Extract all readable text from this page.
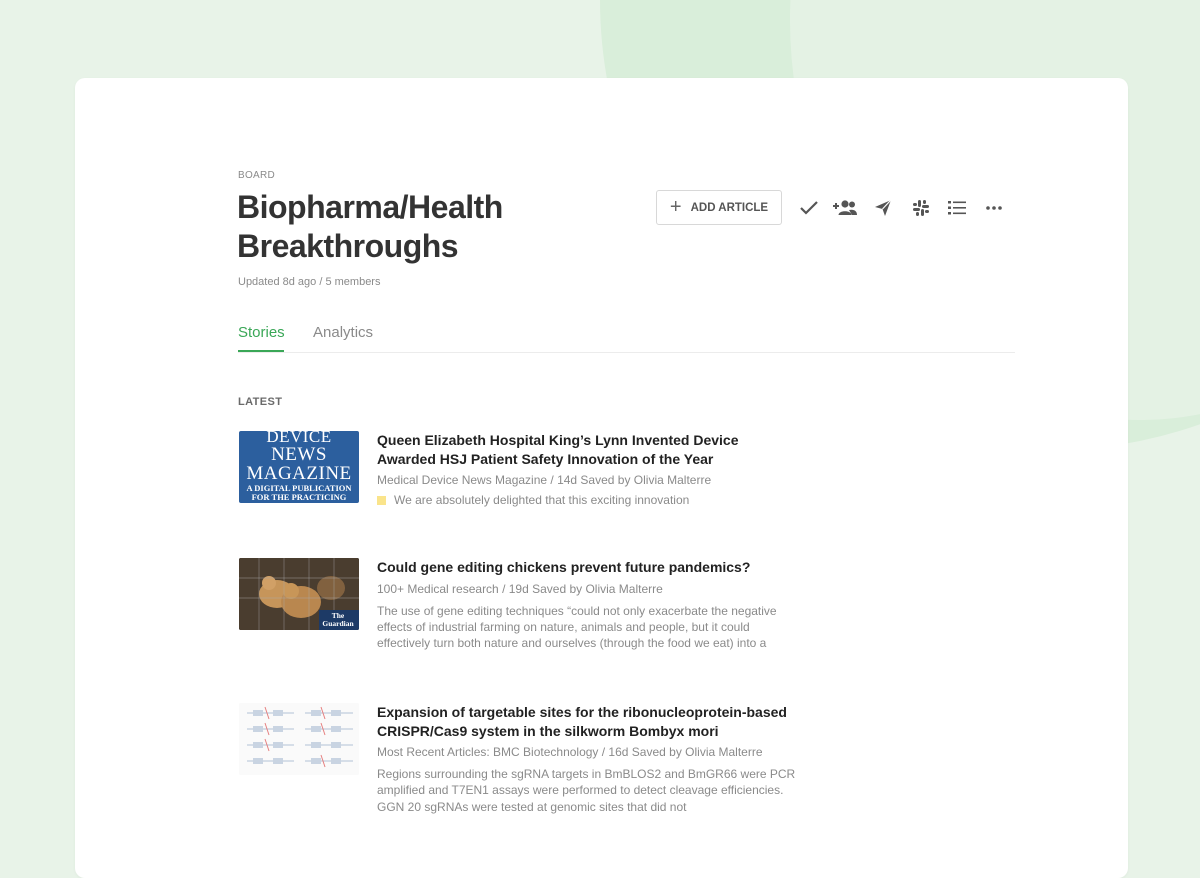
BOARD
Biopharma/Health Breakthroughs
Updated 8d ago / 5 members
+ ADD ARTICLE
Stories Analytics
LATEST
DEVICE
NEWS
MAGAZINE
A DIGITAL PUBLICATION
FOR THE PRACTICING
Queen Elizabeth Hospital King’s Lynn Invented Device Awarded HSJ Patient Safety Innovation of the Year
Medical Device News Magazine / 14d Saved by Olivia Malterre
We are absolutely delighted that this exciting innovation
The Guardian
Could gene editing chickens prevent future pandemics?
100+ Medical research / 19d Saved by Olivia Malterre
The use of gene editing techniques “could not only exacerbate the negative effects of industrial farming on nature, animals and people, but it could effectively turn both nature and ourselves (through the food we eat) into a
Expansion of targetable sites for the ribonucleoprotein-based CRISPR/Cas9 system in the silkworm Bombyx mori
Most Recent Articles: BMC Biotechnology / 16d Saved by Olivia Malterre
Regions surrounding the sgRNA targets in BmBLOS2 and BmGR66 were PCR amplified and T7EN1 assays were performed to detect cleavage efficiencies. GGN 20 sgRNAs were tested at genomic sites that did not
